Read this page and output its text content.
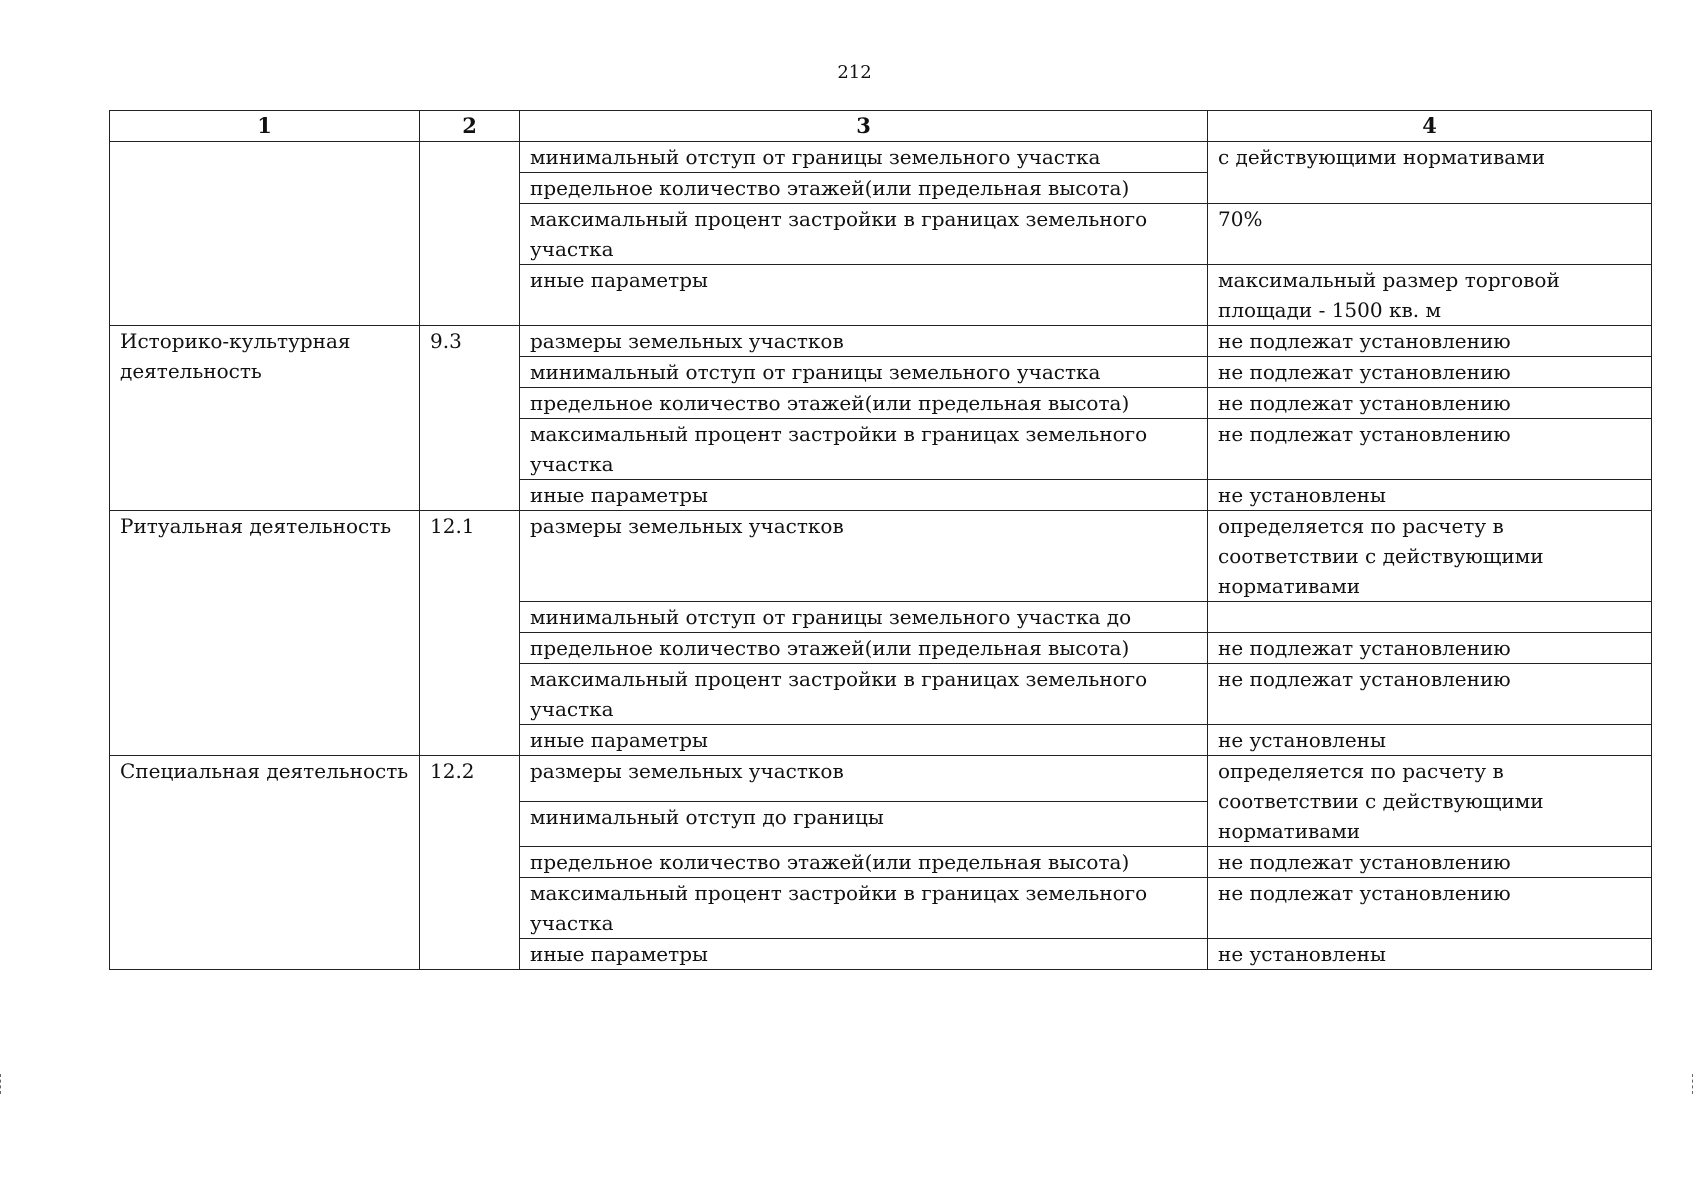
212
1	2	3	4
		минимальный отступ от границы земельного участка	с действующими нормативами
		предельное количество этажей(или предельная высота)	
		максимальный процент застройки в границах земельного участка	70%
		иные параметры	максимальный размер торговой площади - 1500 кв. м
Историко-культурная деятельность	9.3	размеры земельных участков	не подлежат установлению
		минимальный отступ от границы земельного участка	не подлежат установлению
		предельное количество этажей(или предельная высота)	не подлежат установлению
		максимальный процент застройки в границах земельного участка	не подлежат установлению
		иные параметры	не установлены
Ритуальная деятельность	12.1	размеры земельных участков	определяется по расчету в соответствии с действующими нормативами
		минимальный отступ от границы земельного участка до	
		предельное количество этажей(или предельная высота)	не подлежат установлению
		максимальный процент застройки в границах земельного участка	не подлежат установлению
		иные параметры	не установлены
Специальная деятельность	12.2	размеры земельных участков	определяется по расчету в соответствии с действующими нормативами
		минимальный отступ до границы	
		предельное количество этажей(или предельная высота)	не подлежат установлению
		максимальный процент застройки в границах земельного участка	не подлежат установлению
		иные параметры	не установлены
